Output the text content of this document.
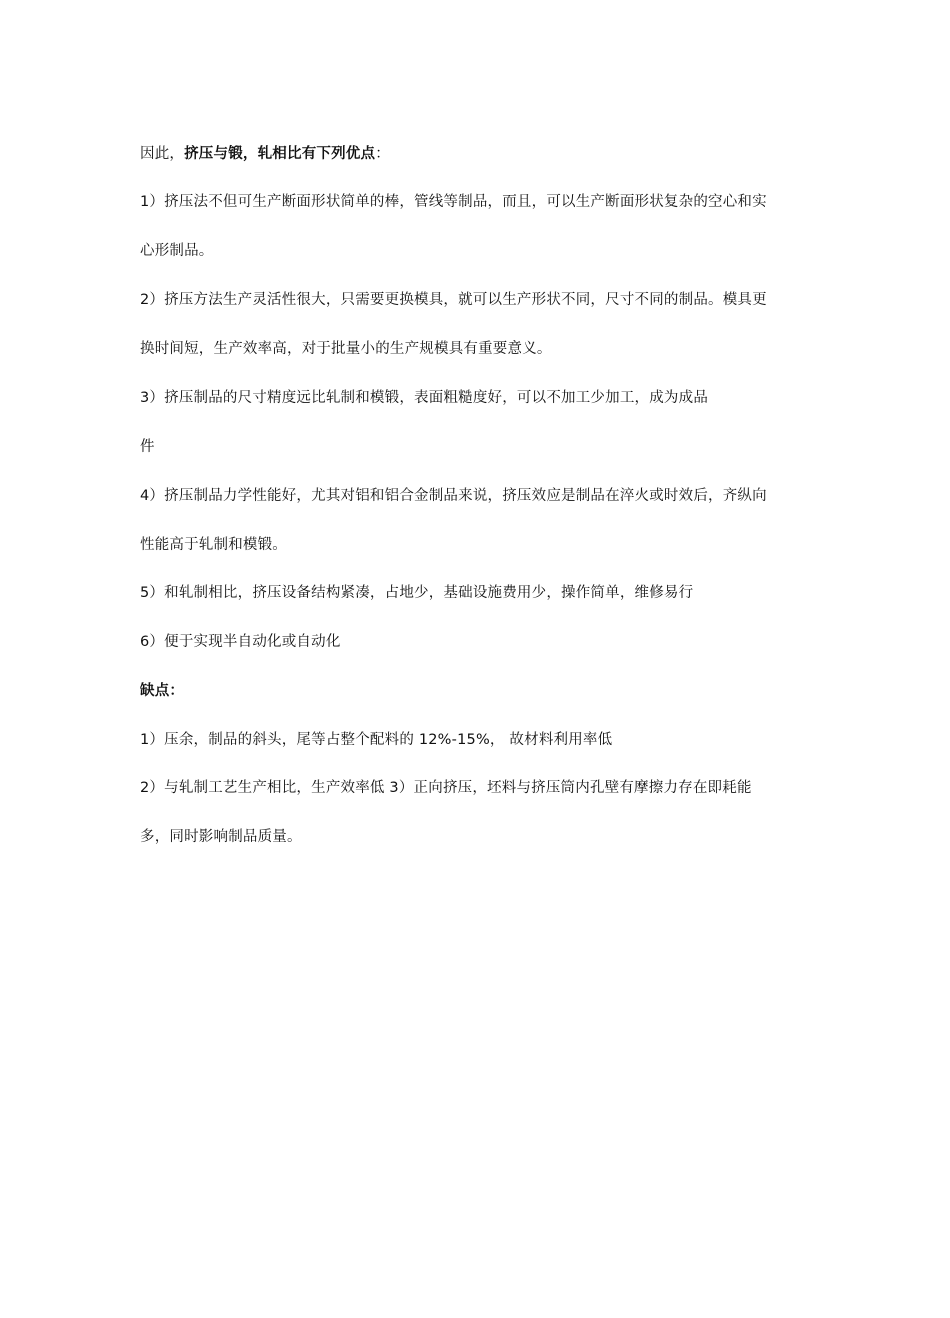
因此，挤压与锻，轧相比有下列优点：
1）挤压法不但可生产断面形状简单的棒，管线等制品，而且，可以生产断面形状复杂的空心和实
心形制品。
2）挤压方法生产灵活性很大，只需要更换模具，就可以生产形状不同，尺寸不同的制品。模具更
换时间短，生产效率高，对于批量小的生产规模具有重要意义。
3）挤压制品的尺寸精度远比轧制和模锻，表面粗糙度好，可以不加工少加工，成为成品
件
4）挤压制品力学性能好，尤其对铝和铝合金制品来说，挤压效应是制品在淬火或时效后，齐纵向
性能高于轧制和模锻。
5）和轧制相比，挤压设备结构紧凑，占地少，基础设施费用少，操作简单，维修易行
6）便于实现半自动化或自动化
缺点：
1）压余，制品的斜头，尾等占整个配料的 12%-15%， 故材料利用率低
2）与轧制工艺生产相比，生产效率低 3）正向挤压，坯料与挤压筒内孔壁有摩擦力存在即耗能
多，同时影响制品质量。
